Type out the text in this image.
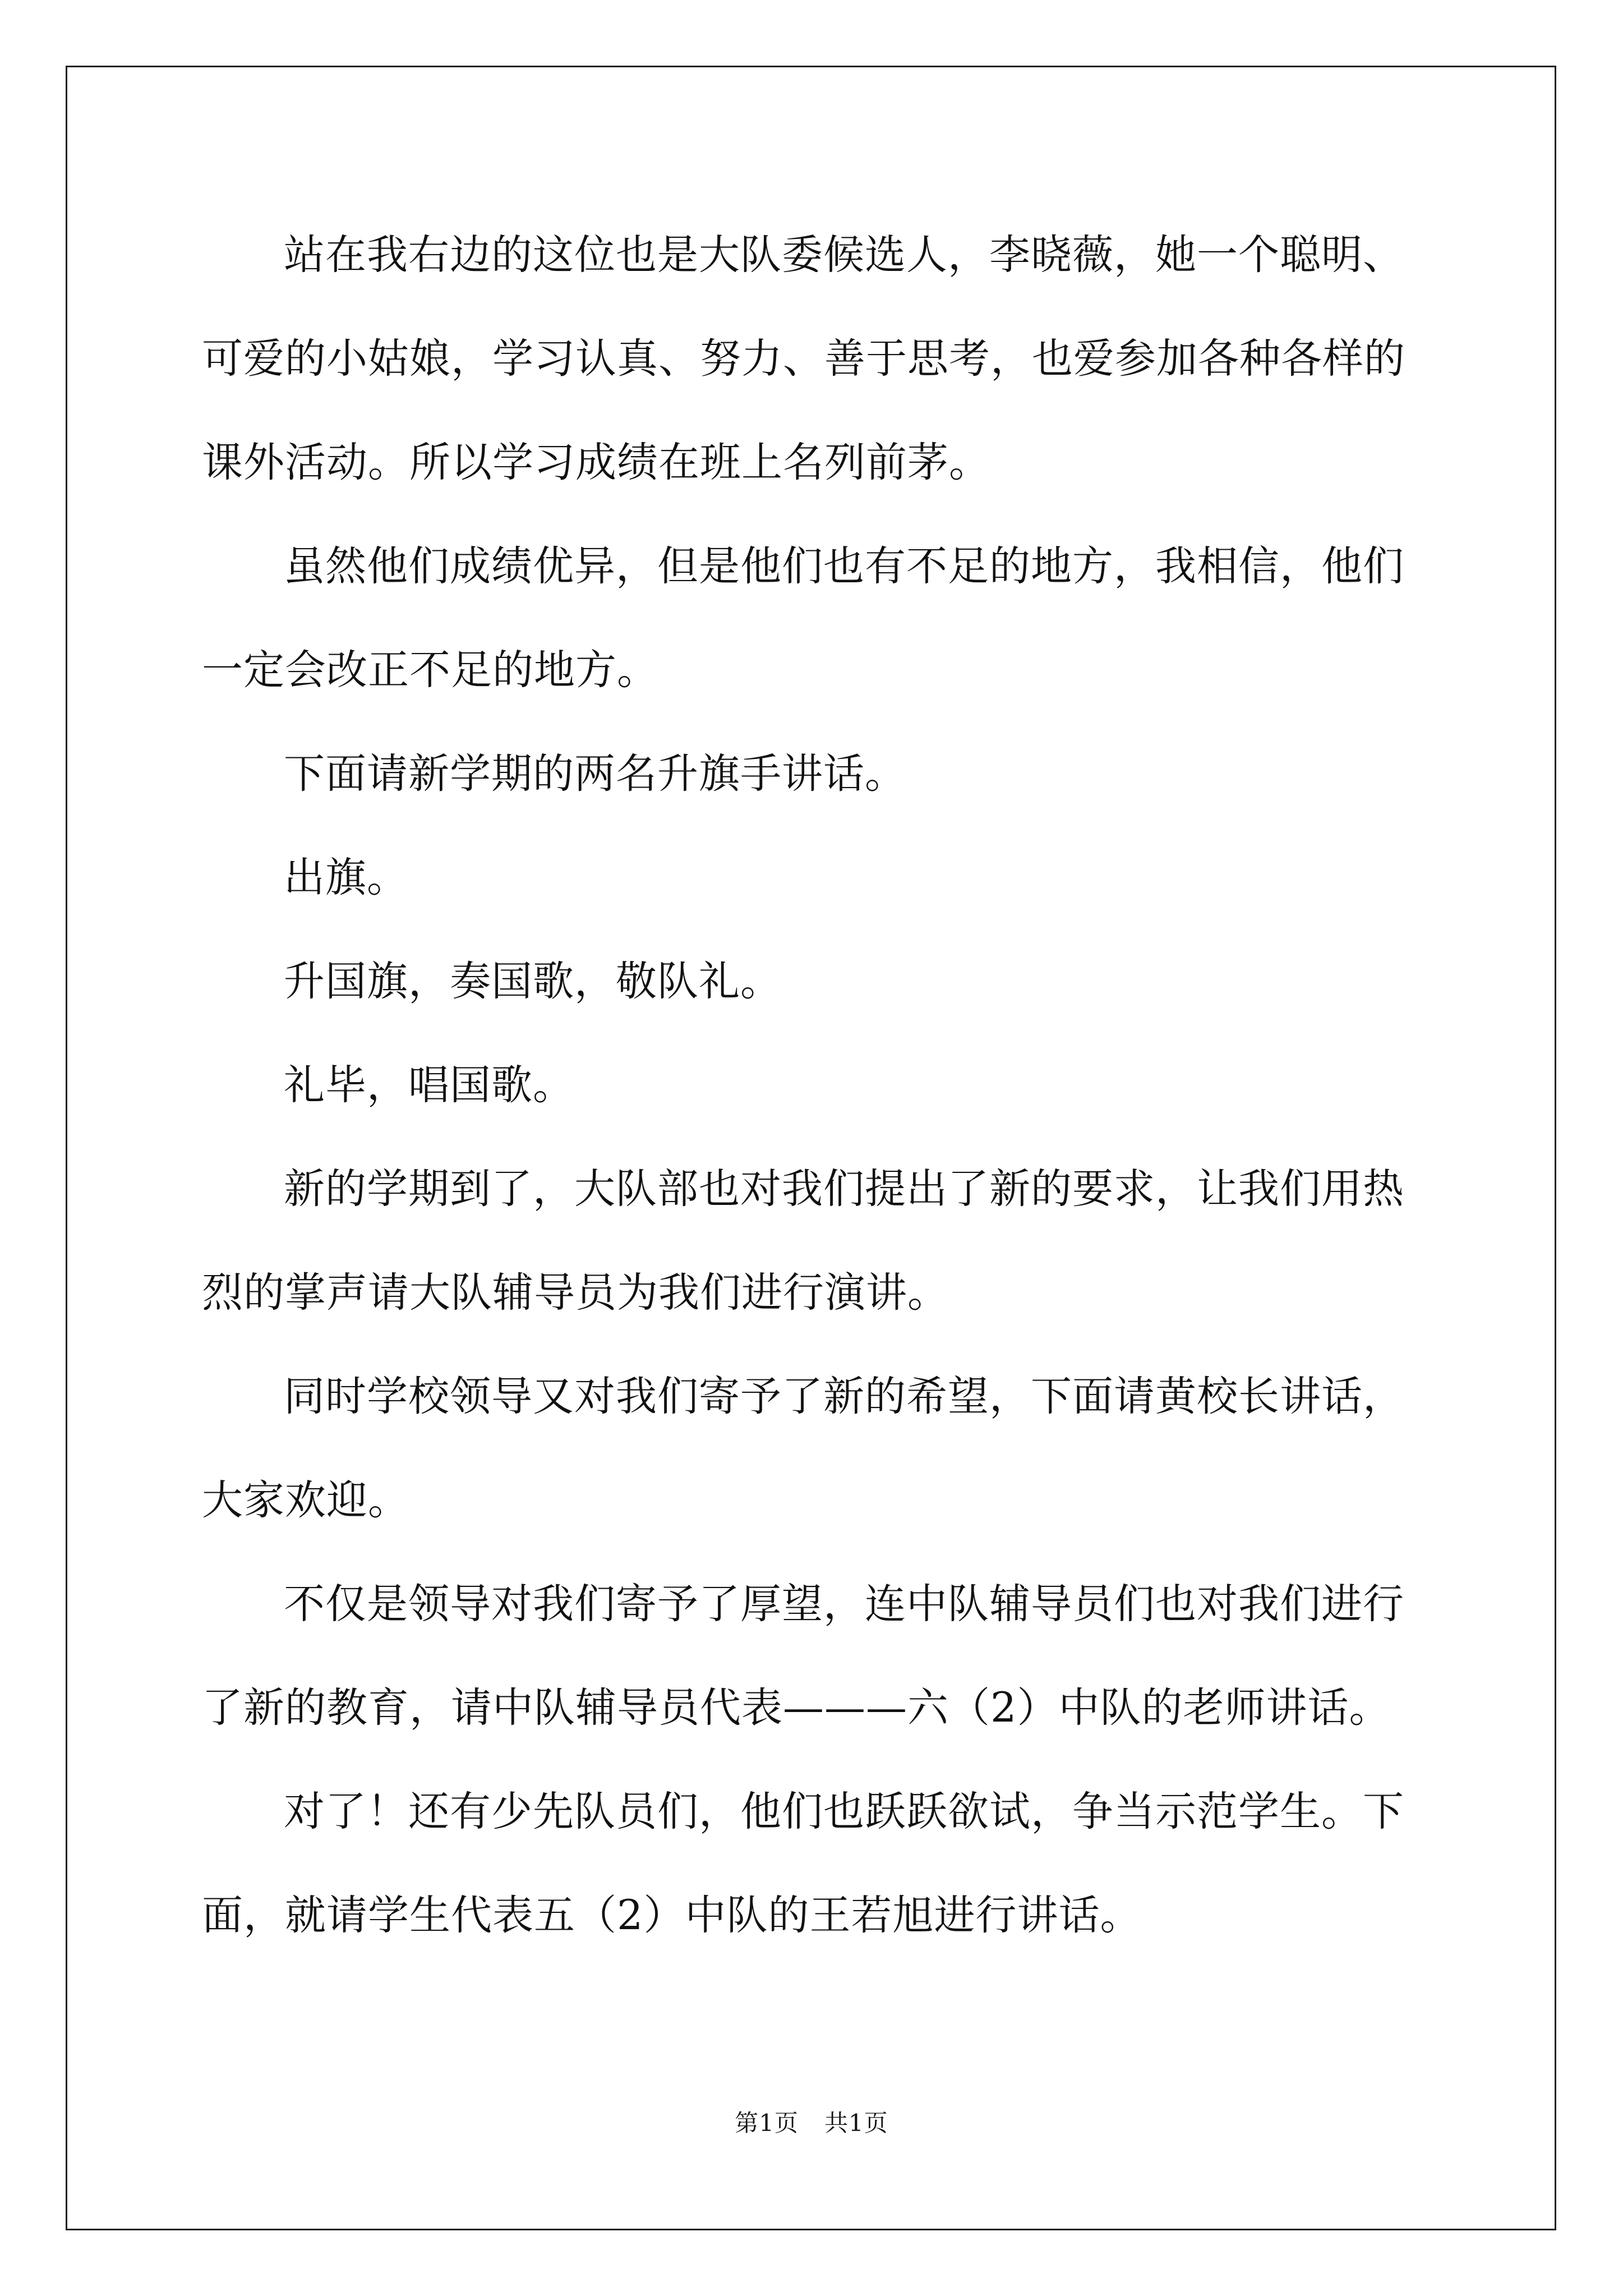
站在我右边的这位也是大队委候选人，李晓薇，她一个聪明、可爱的小姑娘，学习认真、努力、善于思考，也爱参加各种各样的课外活动。所以学习成绩在班上名列前茅。

虽然他们成绩优异，但是他们也有不足的地方，我相信，他们一定会改正不足的地方。

下面请新学期的两名升旗手讲话。

出旗。

升国旗，奏国歌，敬队礼。

礼毕，唱国歌。

新的学期到了，大队部也对我们提出了新的要求，让我们用热烈的掌声请大队辅导员为我们进行演讲。

同时学校领导又对我们寄予了新的希望，下面请黄校长讲话，大家欢迎。

不仅是领导对我们寄予了厚望，连中队辅导员们也对我们进行了新的教育，请中队辅导员代表———六（2）中队的老师讲话。

对了！还有少先队员们，他们也跃跃欲试，争当示范学生。下面，就请学生代表五（2）中队的王若旭进行讲话。

第1页 共1页
